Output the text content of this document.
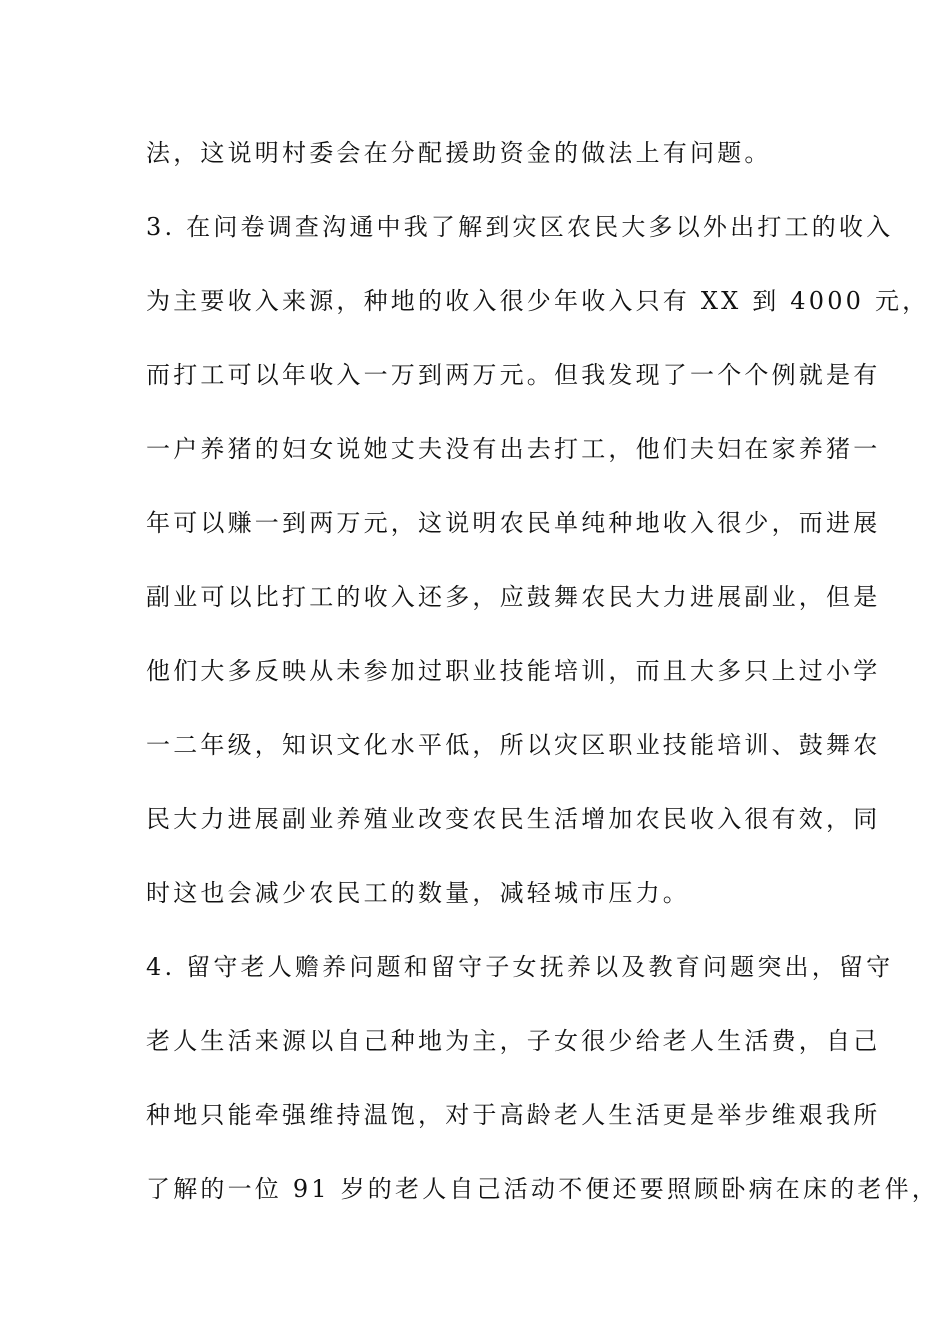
法，这说明村委会在分配援助资金的做法上有问题。
3. 在问卷调查沟通中我了解到灾区农民大多以外出打工的收入
为主要收入来源，种地的收入很少年收入只有 XX 到 4000 元，
而打工可以年收入一万到两万元。但我发现了一个个例就是有
一户养猪的妇女说她丈夫没有出去打工，他们夫妇在家养猪一
年可以赚一到两万元，这说明农民单纯种地收入很少，而进展
副业可以比打工的收入还多，应鼓舞农民大力进展副业，但是
他们大多反映从未参加过职业技能培训，而且大多只上过小学
一二年级，知识文化水平低，所以灾区职业技能培训、鼓舞农
民大力进展副业养殖业改变农民生活增加农民收入很有效，同
时这也会减少农民工的数量，减轻城市压力。
4. 留守老人赡养问题和留守子女抚养以及教育问题突出，留守
老人生活来源以自己种地为主，子女很少给老人生活费，自己
种地只能牵强维持温饱，对于高龄老人生活更是举步维艰我所
了解的一位 91 岁的老人自己活动不便还要照顾卧病在床的老伴，
